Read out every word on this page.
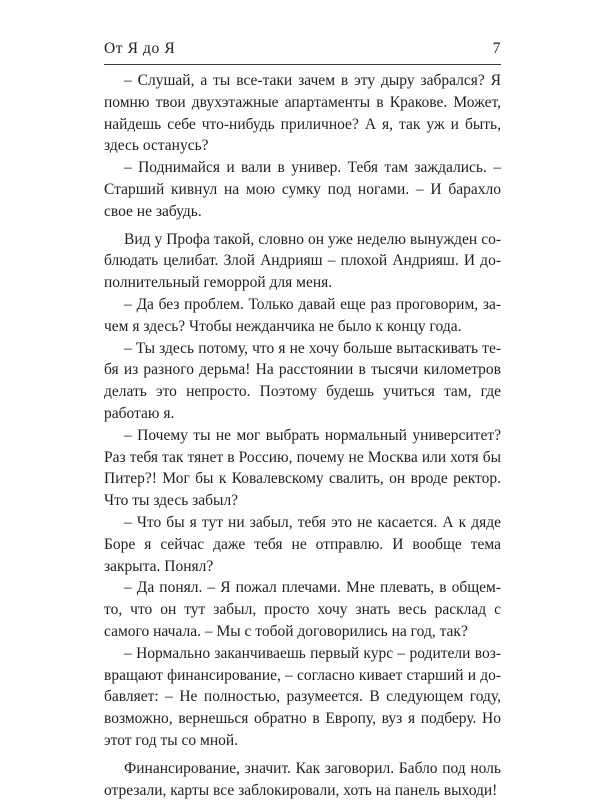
От Я до Я	7

– Слушай, а ты все-таки зачем в эту дыру забрался? Я помню твои двухэтажные апартаменты в Кракове. Может, найдешь себе что-нибудь приличное? А я, так уж и быть, здесь останусь?

– Поднимайся и вали в универ. Тебя там заждались. – Старший кивнул на мою сумку под ногами. – И барахло свое не забудь.

Вид у Профа такой, словно он уже неделю вынужден соблюдать целибат. Злой Андрияш – плохой Андрияш. И дополнительный геморрой для меня.

– Да без проблем. Только давай еще раз проговорим, зачем я здесь? Чтобы нежданчика не было к концу года.

– Ты здесь потому, что я не хочу больше вытаскивать тебя из разного дерьма! На расстоянии в тысячи километров делать это непросто. Поэтому будешь учиться там, где работаю я.

– Почему ты не мог выбрать нормальный университет? Раз тебя так тянет в Россию, почему не Москва или хотя бы Питер?! Мог бы к Ковалевскому свалить, он вроде ректор. Что ты здесь забыл?

– Что бы я тут ни забыл, тебя это не касается. А к дяде Боре я сейчас даже тебя не отправлю. И вообще тема закрыта. Понял?

– Да понял. – Я пожал плечами. Мне плевать, в общем-то, что он тут забыл, просто хочу знать весь расклад с самого начала. – Мы с тобой договорились на год, так?

– Нормально заканчиваешь первый курс – родители возвращают финансирование, – согласно кивает старший и добавляет: – Не полностью, разумеется. В следующем году, возможно, вернешься обратно в Европу, вуз я подберу. Но этот год ты со мной.

Финансирование, значит. Как заговорил. Бабло под ноль отрезали, карты все заблокировали, хоть на панель выходи!
